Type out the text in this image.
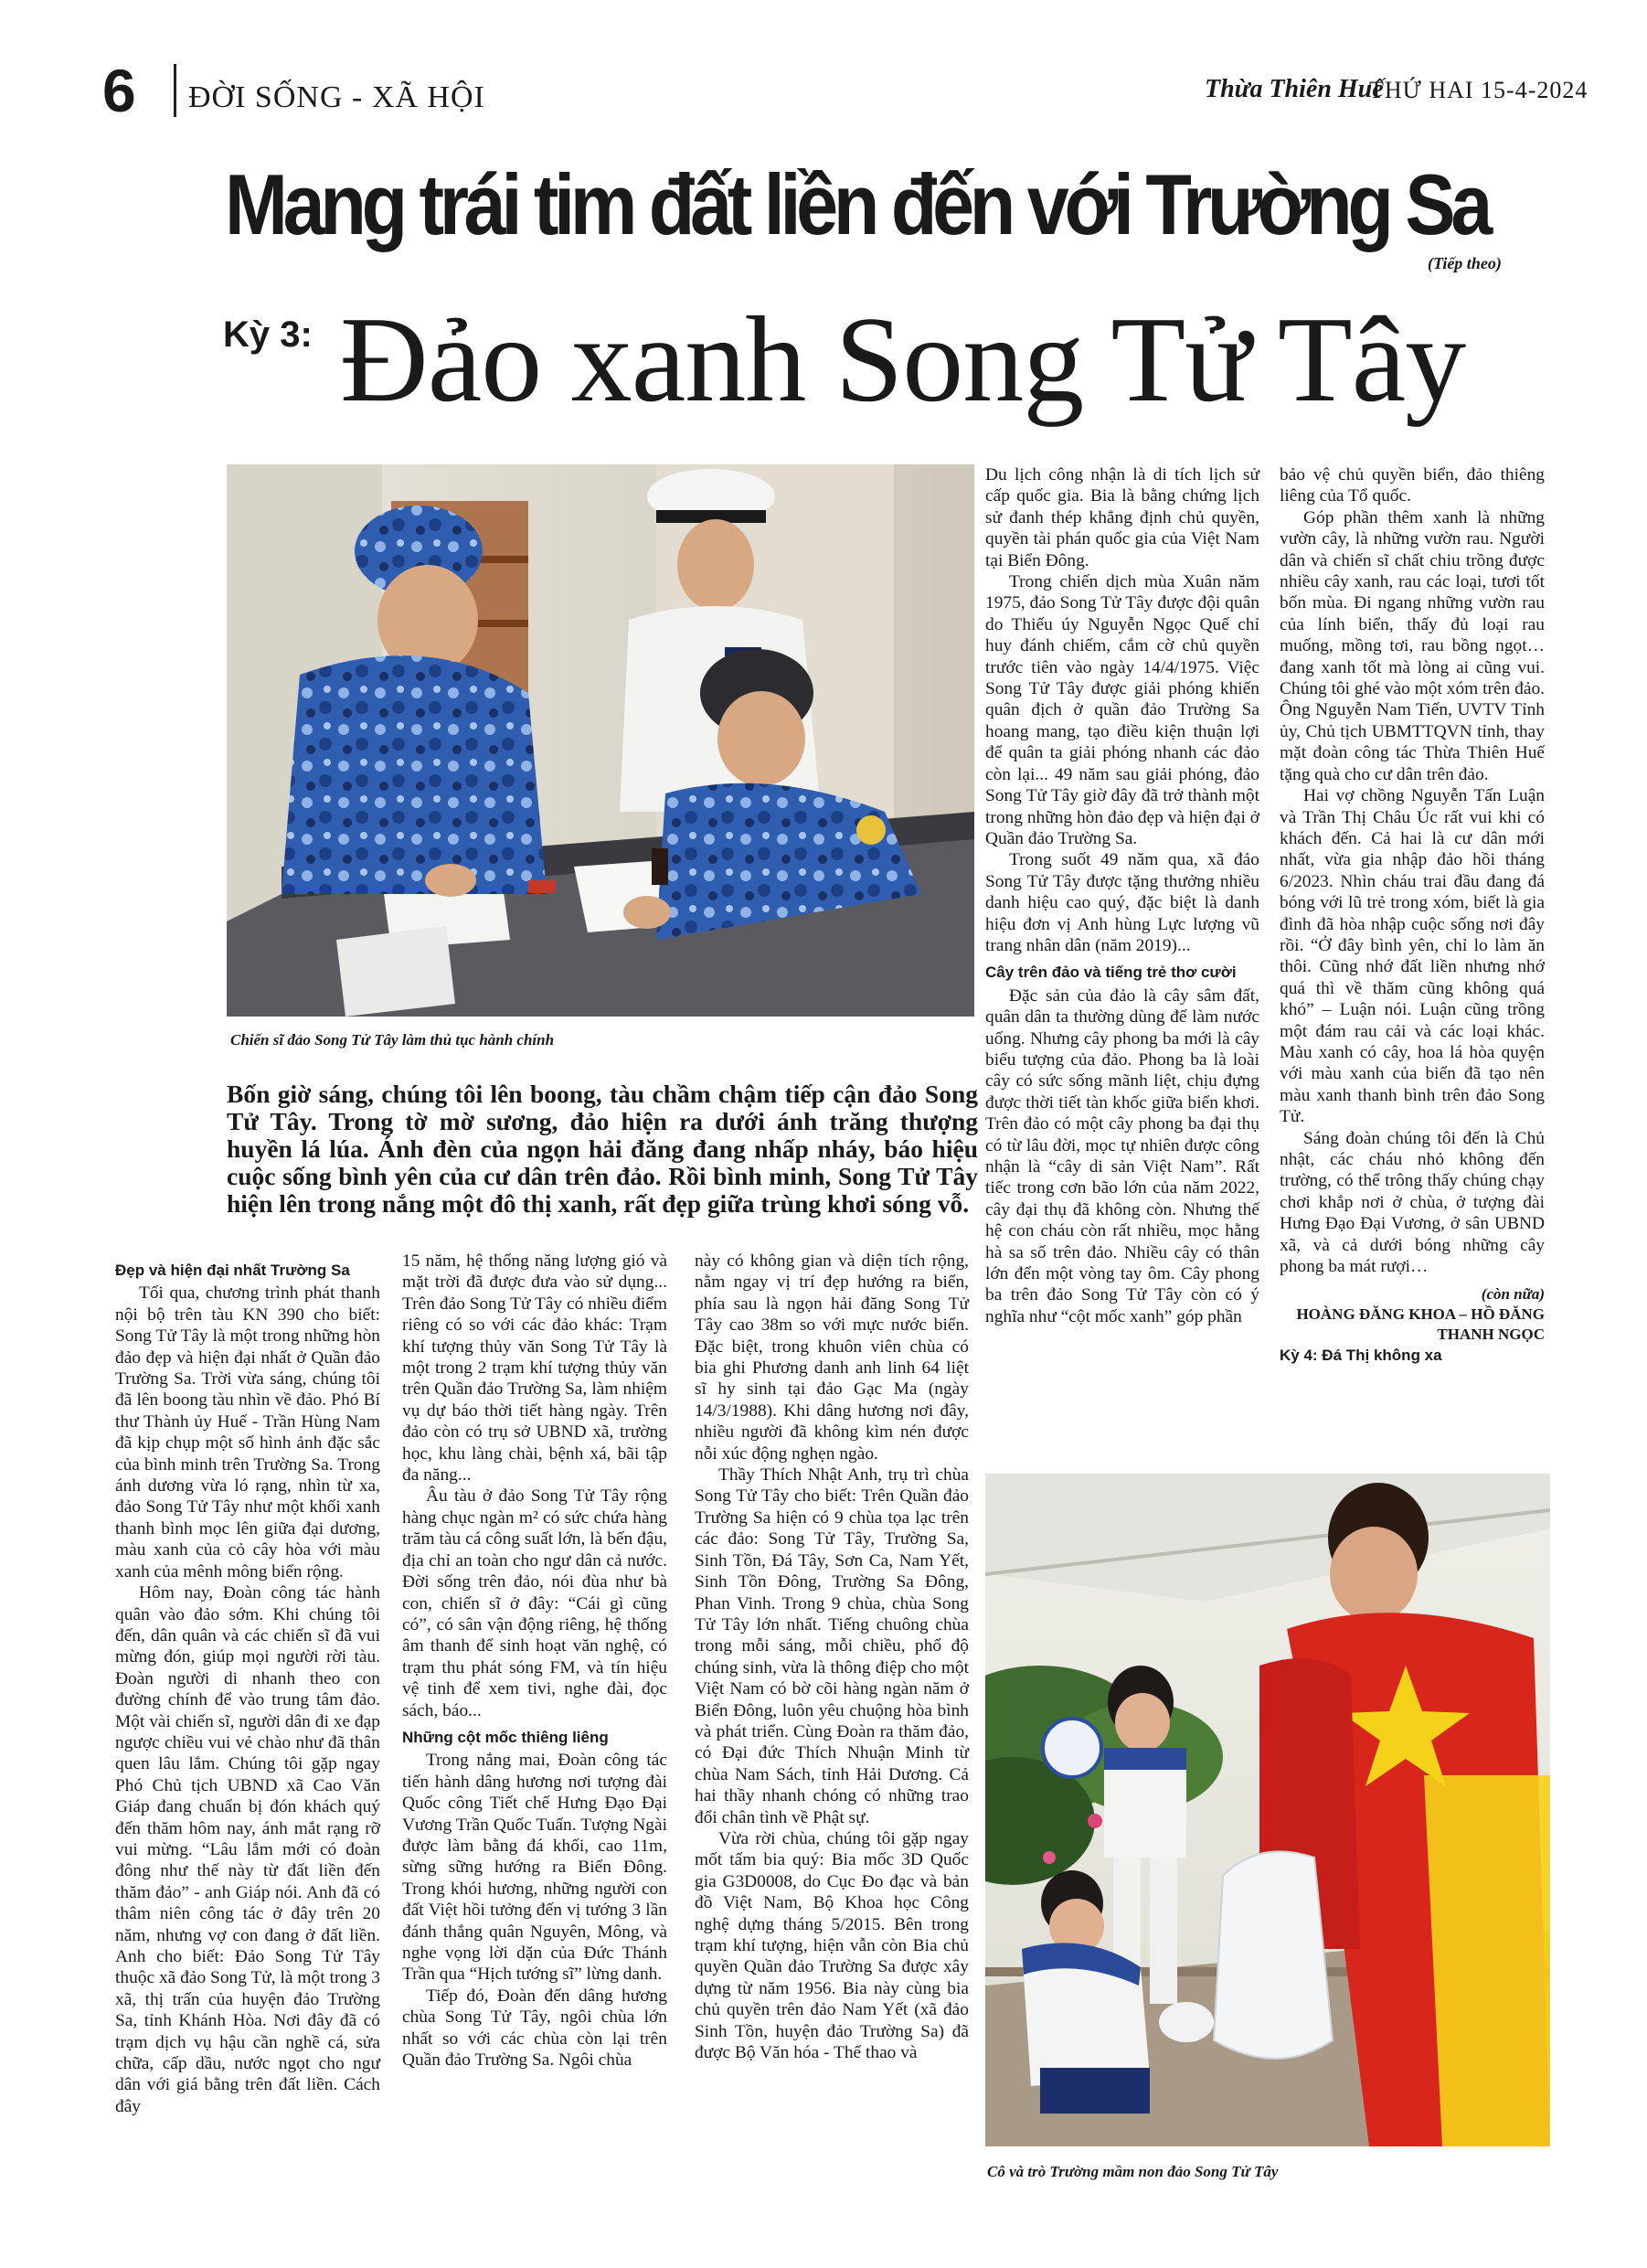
6 ĐỜI SỐNG - XÃ HỘI	Thừa Thiên Huế
THỨ HAI 15-4-2024
Mang trái tim đất liền đến với Trường Sa
(Tiếp theo)
Kỳ 3: Đảo xanh Song Tử Tây
Chiến sĩ đảo Song Tử Tây làm thủ tục hành chính
Bốn giờ sáng, chúng tôi lên boong, tàu chầm chậm tiếp cận đảo Song Tử Tây. Trong tờ mờ sương, đảo hiện ra dưới ánh trăng thượng huyền lá lúa. Ánh đèn của ngọn hải đăng đang nhấp nháy, báo hiệu cuộc sống bình yên của cư dân trên đảo. Rồi bình minh, Song Tử Tây hiện lên trong nắng một đô thị xanh, rất đẹp giữa trùng khơi sóng vỗ.
Đẹp và hiện đại nhất Trường Sa

Tối qua, chương trình phát thanh nội bộ trên tàu KN 390 cho biết: Song Tử Tây là một trong những hòn đảo đẹp và hiện đại nhất ở Quần đảo Trường Sa. Trời vừa sáng, chúng tôi đã lên boong tàu nhìn về đảo. Phó Bí thư Thành ủy Huế - Trần Hùng Nam đã kịp chụp một số hình ảnh đặc sắc của bình minh trên Trường Sa. Trong ánh dương vừa ló rạng, nhìn từ xa, đảo Song Tử Tây như một khối xanh thanh bình mọc lên giữa đại dương, màu xanh của cỏ cây hòa với màu xanh của mênh mông biển rộng.

Hôm nay, Đoàn công tác hành quân vào đảo sớm. Khi chúng tôi đến, dân quân và các chiến sĩ đã vui mừng đón, giúp mọi người rời tàu. Đoàn người di nhanh theo con đường chính để vào trung tâm đảo. Một vài chiến sĩ, người dân đi xe đạp ngược chiều vui vẻ chào như đã thân quen lâu lắm. Chúng tôi gặp ngay Phó Chủ tịch UBND xã Cao Văn Giáp đang chuẩn bị đón khách quý đến thăm hôm nay, ánh mắt rạng rỡ vui mừng. “Lâu lắm mới có đoàn đông như thế này từ đất liền đến thăm đảo” - anh Giáp nói. Anh đã có thâm niên công tác ở đây trên 20 năm, nhưng vợ con đang ở đất liền. Anh cho biết: Đảo Song Tử Tây thuộc xã đảo Song Tử, là một trong 3 xã, thị trấn của huyện đảo Trường Sa, tỉnh Khánh Hòa. Nơi đây đã có trạm dịch vụ hậu cần nghề cá, sửa chữa, cấp dầu, nước ngọt cho ngư dân với giá bằng trên đất liền. Cách đây

15 năm, hệ thống năng lượng gió và mặt trời đã được đưa vào sử dụng... Trên đảo Song Tử Tây có nhiều điểm riêng có so với các đảo khác: Trạm khí tượng thủy văn Song Tử Tây là một trong 2 trạm khí tượng thủy văn trên Quần đảo Trường Sa, làm nhiệm vụ dự báo thời tiết hàng ngày. Trên đảo còn có trụ sở UBND xã, trường học, khu làng chài, bệnh xá, bãi tập đa năng...

Âu tàu ở đảo Song Tử Tây rộng hàng chục ngàn m² có sức chứa hàng trăm tàu cá công suất lớn, là bến đậu, địa chỉ an toàn cho ngư dân cả nước. Đời sống trên đảo, nói đùa như bà con, chiến sĩ ở đây: “Cái gì cũng có”, có sân vận động riêng, hệ thống âm thanh để sinh hoạt văn nghệ, có trạm thu phát sóng FM, và tín hiệu vệ tinh để xem tivi, nghe đài, đọc sách, báo...

Những cột mốc thiêng liêng

Trong nắng mai, Đoàn công tác tiến hành dâng hương nơi tượng đài Quốc công Tiết chế Hưng Đạo Đại Vương Trần Quốc Tuấn. Tượng Ngài được làm bằng đá khối, cao 11m, sừng sững hướng ra Biển Đông. Trong khói hương, những người con đất Việt hồi tưởng đến vị tướng 3 lần đánh thắng quân Nguyên, Mông, và nghe vọng lời dặn của Đức Thánh Trần qua “Hịch tướng sĩ” lừng danh.

Tiếp đó, Đoàn đến dâng hương chùa Song Tử Tây, ngôi chùa lớn nhất so với các chùa còn lại trên Quần đảo Trường Sa. Ngôi chùa

Du lịch công nhận là di tích lịch sử cấp quốc gia. Bia là bằng chứng lịch sử đanh thép khẳng định chủ quyền, quyền tài phán quốc gia của Việt Nam tại Biển Đông.

Trong chiến dịch mùa Xuân năm 1975, đảo Song Tử Tây được đội quân do Thiếu úy Nguyễn Ngọc Quế chỉ huy đánh chiếm, cắm cờ chủ quyền trước tiên vào ngày 14/4/1975. Việc Song Tử Tây được giải phóng khiến quân địch ở quần đảo Trường Sa hoang mang, tạo điều kiện thuận lợi để quân ta giải phóng nhanh các đảo còn lại... 49 năm sau giải phóng, đảo Song Tử Tây giờ đây đã trở thành một trong những hòn đảo đẹp và hiện đại ở Quần đảo Trường Sa.

Trong suốt 49 năm qua, xã đảo Song Tử Tây được tặng thưởng nhiều danh hiệu cao quý, đặc biệt là danh hiệu đơn vị Anh hùng Lực lượng vũ trang nhân dân (năm 2019)...

Cây trên đảo và tiếng trẻ thơ cười

Đặc sản của đảo là cây sâm đất, quân dân ta thường dùng để làm nước uống. Nhưng cây phong ba mới là cây biểu tượng của đảo. Phong ba là loài cây có sức sống mãnh liệt, chịu đựng được thời tiết tàn khốc giữa biển khơi. Trên đảo có một cây phong ba đại thụ có từ lâu đời, mọc tự nhiên được công nhận là “cây di sản Việt Nam”. Rất tiếc trong cơn bão lớn của năm 2022, cây đại thụ đã không còn. Nhưng thế hệ con cháu còn rất nhiều, mọc hằng hà sa số trên đảo. Nhiều cây có thân lớn đến một vòng tay ôm. Cây phong ba trên đảo Song Tử Tây còn có ý nghĩa như “cột mốc xanh” góp phần

này có không gian và diện tích rộng, nằm ngay vị trí đẹp hướng ra biển, phía sau là ngọn hải đăng Song Tử Tây cao 38m so với mực nước biển. Đặc biệt, trong khuôn viên chùa có bia ghi Phương danh anh linh 64 liệt sĩ hy sinh tại đảo Gạc Ma (ngày 14/3/1988). Khi dâng hương nơi đây, nhiều người đã không kìm nén được nỗi xúc động nghẹn ngào.

Thầy Thích Nhật Anh, trụ trì chùa Song Tử Tây cho biết: Trên Quần đảo Trường Sa hiện có 9 chùa tọa lạc trên các đảo: Song Tử Tây, Trường Sa, Sinh Tồn, Đá Tây, Sơn Ca, Nam Yết, Sinh Tồn Đông, Trường Sa Đông, Phan Vinh. Trong 9 chùa, chùa Song Tử Tây lớn nhất. Tiếng chuông chùa trong mỗi sáng, mỗi chiều, phổ độ chúng sinh, vừa là thông điệp cho một Việt Nam có bờ cõi hàng ngàn năm ở Biển Đông, luôn yêu chuộng hòa bình và phát triển. Cùng Đoàn ra thăm đảo, có Đại đức Thích Nhuận Minh từ chùa Nam Sách, tỉnh Hải Dương. Cả hai thầy nhanh chóng có những trao đổi chân tình về Phật sự.

Vừa rời chùa, chúng tôi gặp ngay mốt tấm bia quý: Bia mốc 3D Quốc gia G3D0008, do Cục Đo đạc và bản đồ Việt Nam, Bộ Khoa học Công nghệ dựng tháng 5/2015. Bên trong trạm khí tượng, hiện vẫn còn Bia chủ quyền Quần đảo Trường Sa được xây dựng từ năm 1956. Bia này cùng bia chủ quyền trên đảo Nam Yết (xã đảo Sinh Tồn, huyện đảo Trường Sa) đã được Bộ Văn hóa - Thể thao và

bảo vệ chủ quyền biển, đảo thiêng liêng của Tổ quốc.

Góp phần thêm xanh là những vườn cây, là những vườn rau. Người dân và chiến sĩ chất chiu trồng được nhiều cây xanh, rau các loại, tươi tốt bốn mùa. Đi ngang những vườn rau của lính biển, thấy đủ loại rau muống, mồng tơi, rau bồng ngọt… đang xanh tốt mà lòng ai cũng vui. Chúng tôi ghé vào một xóm trên đảo. Ông Nguyễn Nam Tiến, UVTV Tỉnh ủy, Chủ tịch UBMTTQVN tỉnh, thay mặt đoàn công tác Thừa Thiên Huế tặng quà cho cư dân trên đảo.

Hai vợ chồng Nguyễn Tấn Luận và Trần Thị Châu Úc rất vui khi có khách đến. Cả hai là cư dân mới nhất, vừa gia nhập đảo hồi tháng 6/2023. Nhìn cháu trai đầu đang đá bóng với lũ trẻ trong xóm, biết là gia đình đã hòa nhập cuộc sống nơi đây rồi. “Ở đây bình yên, chỉ lo làm ăn thôi. Cũng nhớ đất liền nhưng nhớ quá thì về thăm cũng không quá khó” – Luận nói. Luận cũng trồng một đám rau cải và các loại khác. Màu xanh có cây, hoa lá hòa quyện với màu xanh của biển đã tạo nên màu xanh thanh bình trên đảo Song Tử.

Sáng đoàn chúng tôi đến là Chủ nhật, các cháu nhỏ không đến trường, có thể trông thấy chúng chạy chơi khắp nơi ở chùa, ở tượng đài Hưng Đạo Đại Vương, ở sân UBND xã, và cả dưới bóng những cây phong ba mát rượi…

(còn nữa)
HOÀNG ĐĂNG KHOA – HỒ ĐĂNG THANH NGỌC
Kỳ 4: Đá Thị không xa
Cô và trò Trường mầm non đảo Song Tử Tây
